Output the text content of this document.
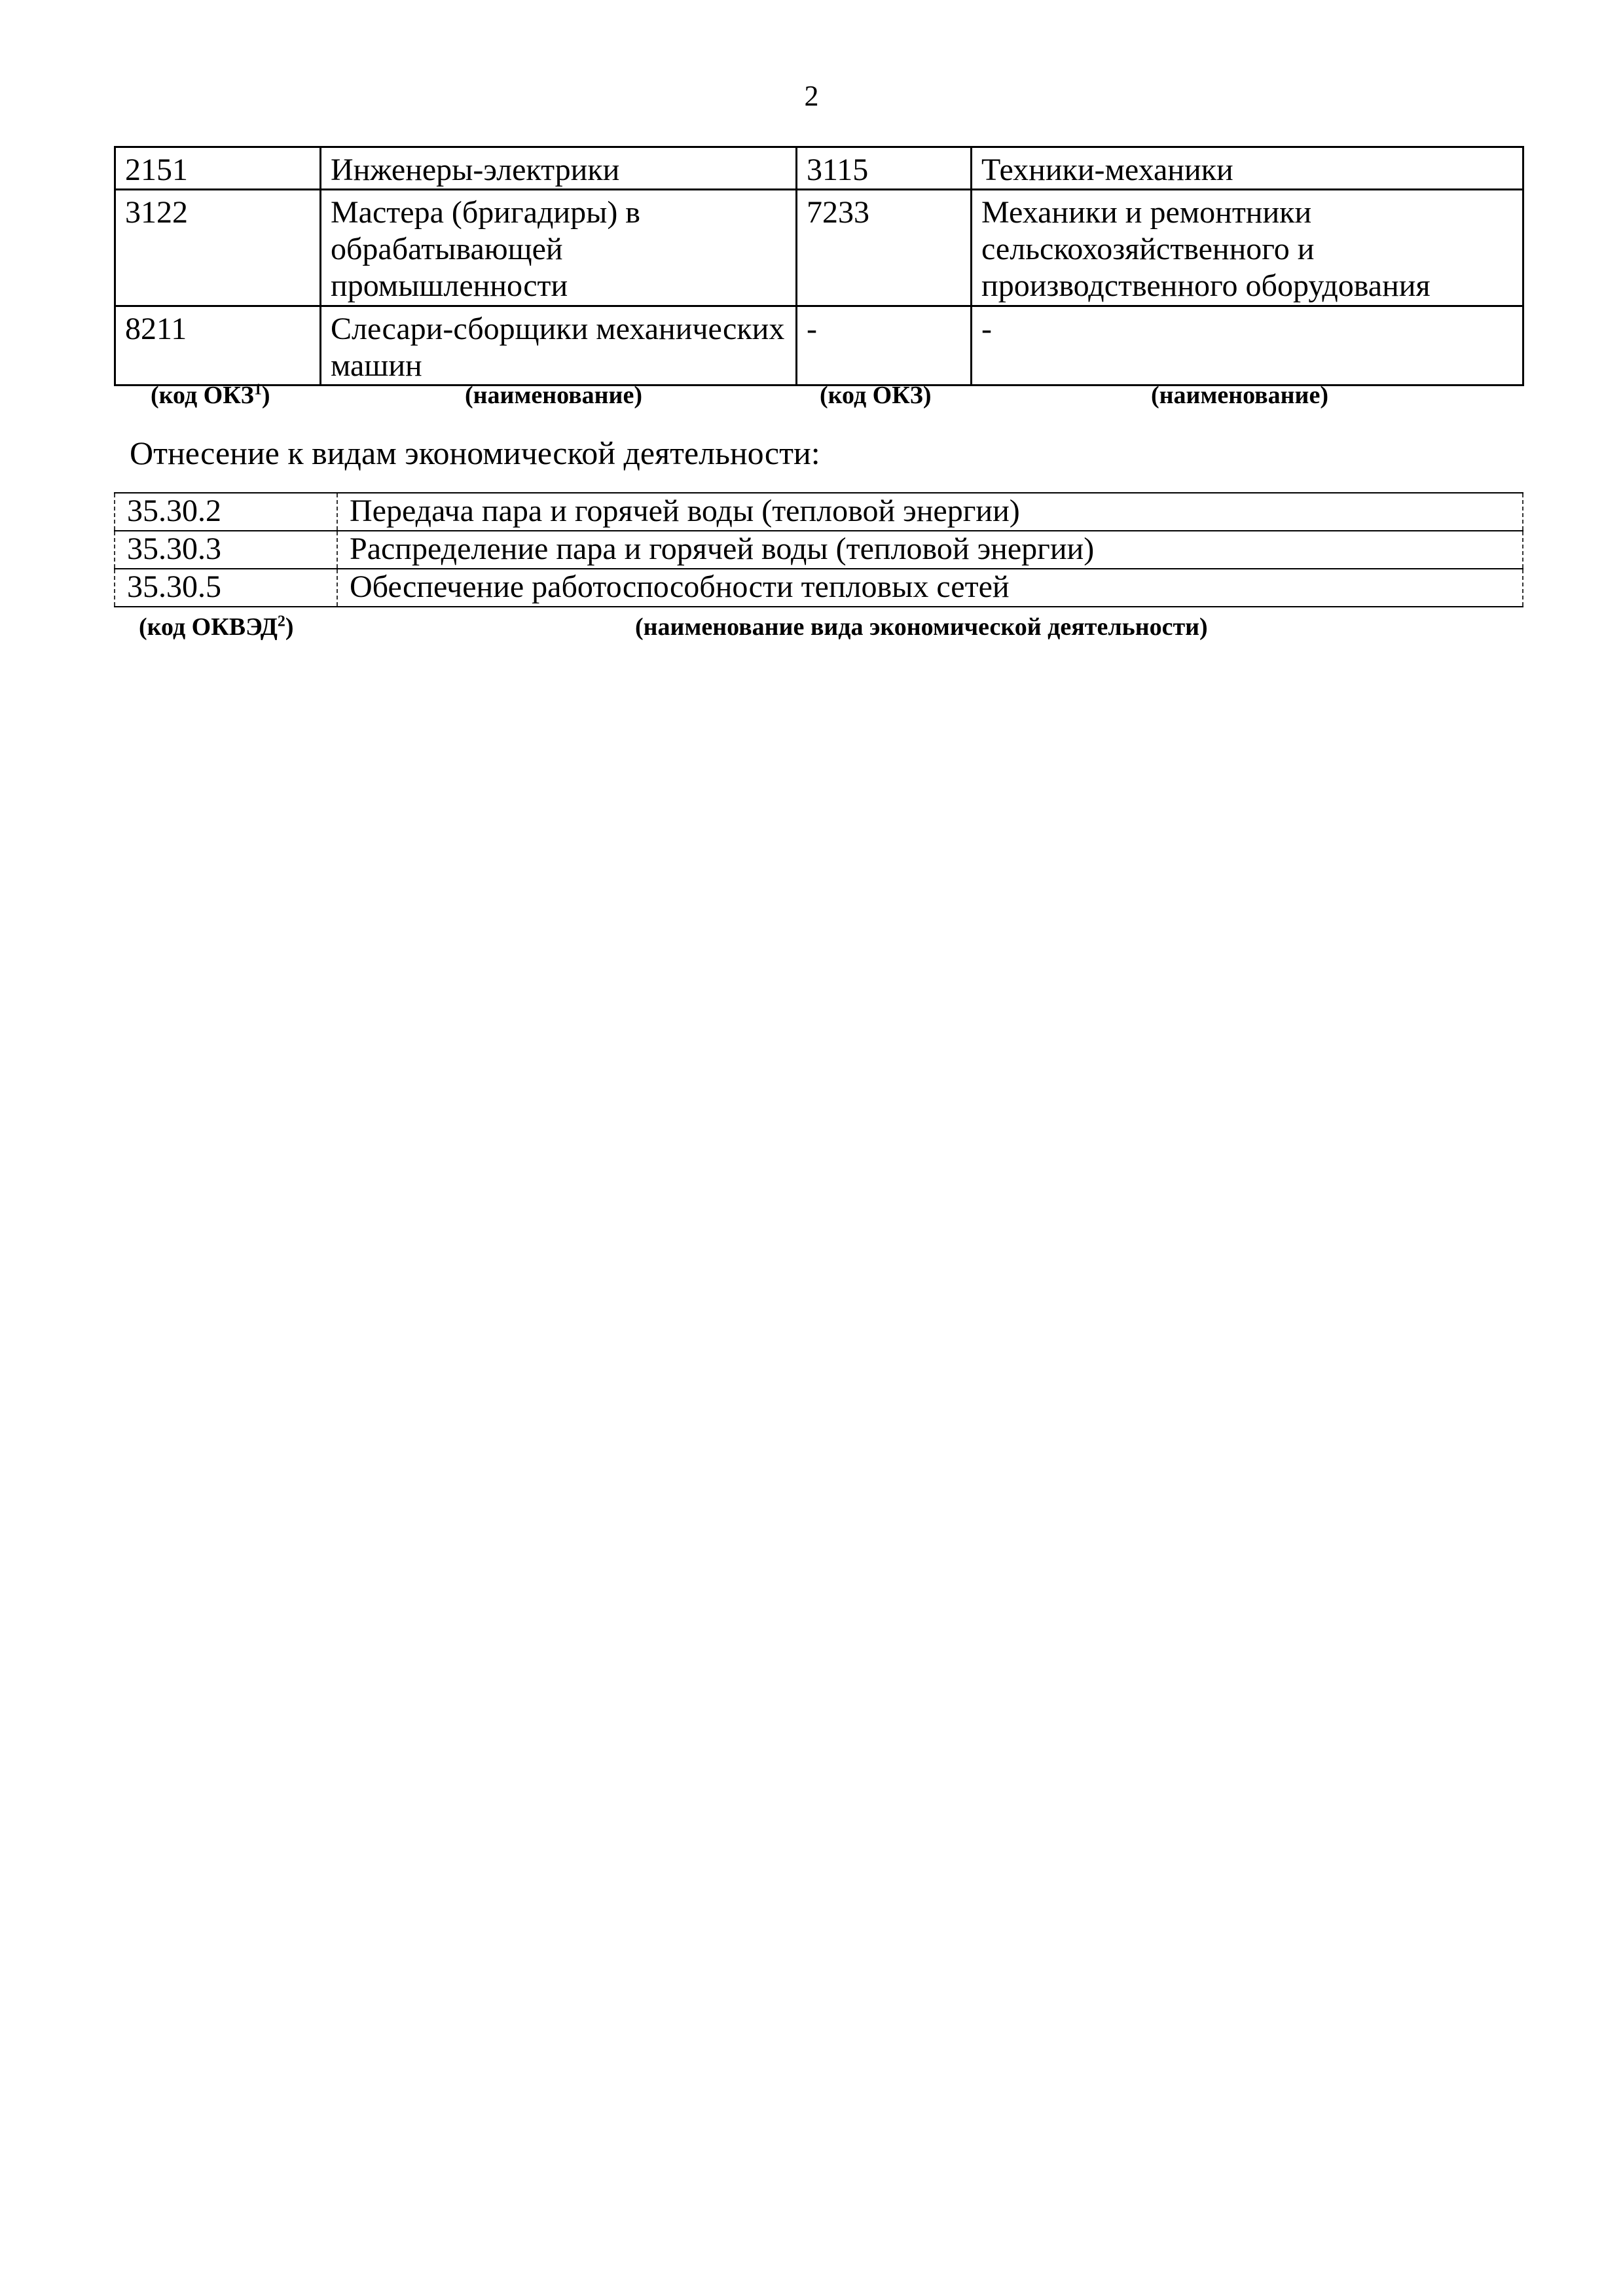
2
2151	Инженеры-электрики	3115	Техники-механики
3122	Мастера (бригадиры) в обрабатывающей промышленности	7233	Механики и ремонтники сельскохозяйственного и производственного оборудования
8211	Слесари-сборщики механических машин	-	-
(код ОКЗ$^1$)	(наименование)	(код ОКЗ)	(наименование)
Отнесение к видам экономической деятельности:
35.30.2	Передача пара и горячей воды (тепловой энергии)
35.30.3	Распределение пара и горячей воды (тепловой энергии)
35.30.5	Обеспечение работоспособности тепловых сетей
(код ОКВЭД$^2$)	(наименование вида экономической деятельности)
